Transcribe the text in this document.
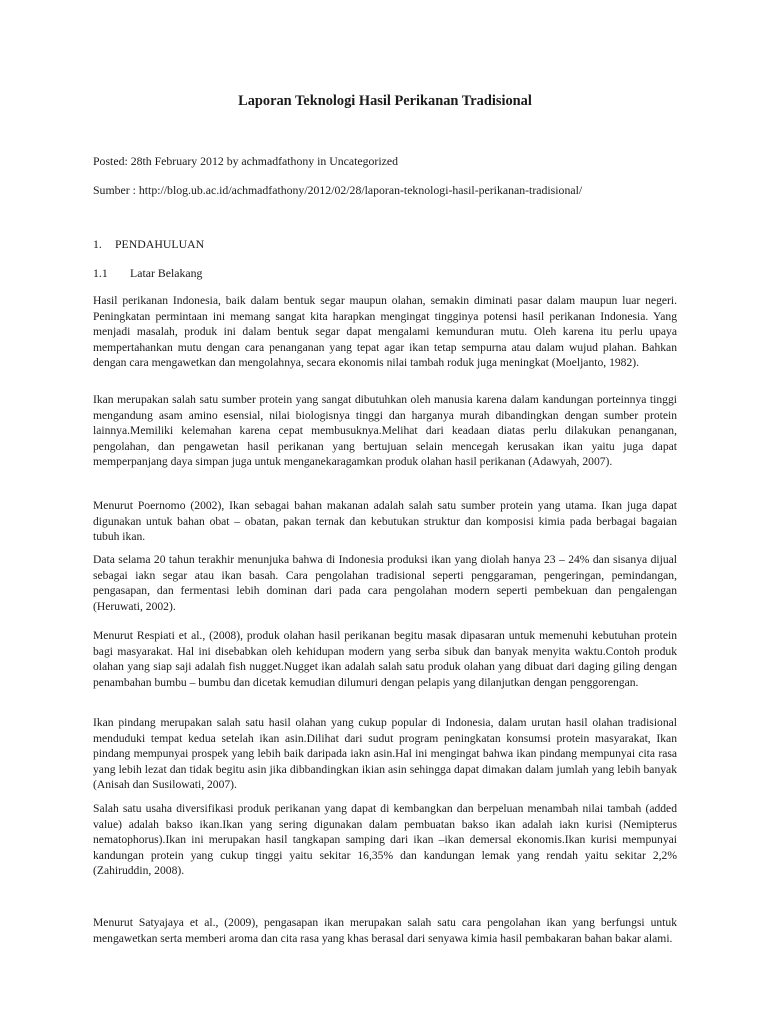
Laporan Teknologi Hasil Perikanan Tradisional

Posted: 28th February 2012 by achmadfathony in Uncategorized

Sumber : http://blog.ub.ac.id/achmadfathony/2012/02/28/laporan-teknologi-hasil-perikanan-tradisional/

1. PENDAHULUAN
1.1 Latar Belakang

Hasil perikanan Indonesia, baik dalam bentuk segar maupun olahan, semakin diminati pasar dalam maupun luar negeri. Peningkatan permintaan ini memang sangat kita harapkan mengingat tingginya potensi hasil perikanan Indonesia. Yang menjadi masalah, produk ini dalam bentuk segar dapat mengalami kemunduran mutu. Oleh karena itu perlu upaya mempertahankan mutu dengan cara penanganan yang tepat agar ikan tetap sempurna atau dalam wujud plahan. Bahkan dengan cara mengawetkan dan mengolahnya, secara ekonomis nilai tambah roduk juga meningkat (Moeljanto, 1982).

Ikan merupakan salah satu sumber protein yang sangat dibutuhkan oleh manusia karena dalam kandungan porteinnya tinggi mengandung asam amino esensial, nilai biologisnya tinggi dan harganya murah dibandingkan dengan sumber protein lainnya.Memiliki kelemahan karena cepat membusuknya.Melihat dari keadaan diatas perlu dilakukan penanganan, pengolahan, dan pengawetan hasil perikanan yang bertujuan selain mencegah kerusakan ikan yaitu juga dapat memperpanjang daya simpan juga untuk menganekaragamkan produk olahan hasil perikanan (Adawyah, 2007).

Menurut Poernomo (2002), Ikan sebagai bahan makanan adalah salah satu sumber protein yang utama. Ikan juga dapat digunakan untuk bahan obat – obatan, pakan ternak dan kebutukan struktur dan komposisi kimia pada berbagai bagaian tubuh ikan.

Data selama 20 tahun terakhir menunjuka bahwa di Indonesia produksi ikan yang diolah hanya 23 – 24% dan sisanya dijual sebagai iakn segar atau ikan basah. Cara pengolahan tradisional seperti penggaraman, pengeringan, pemindangan, pengasapan, dan fermentasi lebih dominan dari pada cara pengolahan modern seperti pembekuan dan pengalengan (Heruwati, 2002).

Menurut Respiati et al., (2008), produk olahan hasil perikanan begitu masak dipasaran untuk memenuhi kebutuhan protein bagi masyarakat. Hal ini disebabkan oleh kehidupan modern yang serba sibuk dan banyak menyita waktu.Contoh produk olahan yang siap saji adalah fish nugget.Nugget ikan adalah salah satu produk olahan yang dibuat dari daging giling dengan penambahan bumbu – bumbu dan dicetak kemudian dilumuri dengan pelapis yang dilanjutkan dengan penggorengan.

Ikan pindang merupakan salah satu hasil olahan yang cukup popular di Indonesia, dalam urutan hasil olahan tradisional menduduki tempat kedua setelah ikan asin.Dilihat dari sudut program peningkatan konsumsi protein masyarakat, Ikan pindang mempunyai prospek yang lebih baik daripada iakn asin.Hal ini mengingat bahwa ikan pindang mempunyai cita rasa yang lebih lezat dan tidak begitu asin jika dibbandingkan ikian asin sehingga dapat dimakan dalam jumlah yang lebih banyak (Anisah dan Susilowati, 2007).

Salah satu usaha diversifikasi produk perikanan yang dapat di kembangkan dan berpeluan menambah nilai tambah (added value) adalah bakso ikan.Ikan yang sering digunakan dalam pembuatan bakso ikan adalah iakn kurisi (Nemipterus nematophorus).Ikan ini merupakan hasil tangkapan samping dari ikan –ikan demersal ekonomis.Ikan kurisi mempunyai kandungan protein yang cukup tinggi yaitu sekitar 16,35% dan kandungan lemak yang rendah yaitu sekitar 2,2% (Zahiruddin, 2008).

Menurut Satyajaya et al., (2009), pengasapan ikan merupakan salah satu cara pengolahan ikan yang berfungsi untuk mengawetkan serta memberi aroma dan cita rasa yang khas berasal dari senyawa kimia hasil pembakaran bahan bakar alami.
